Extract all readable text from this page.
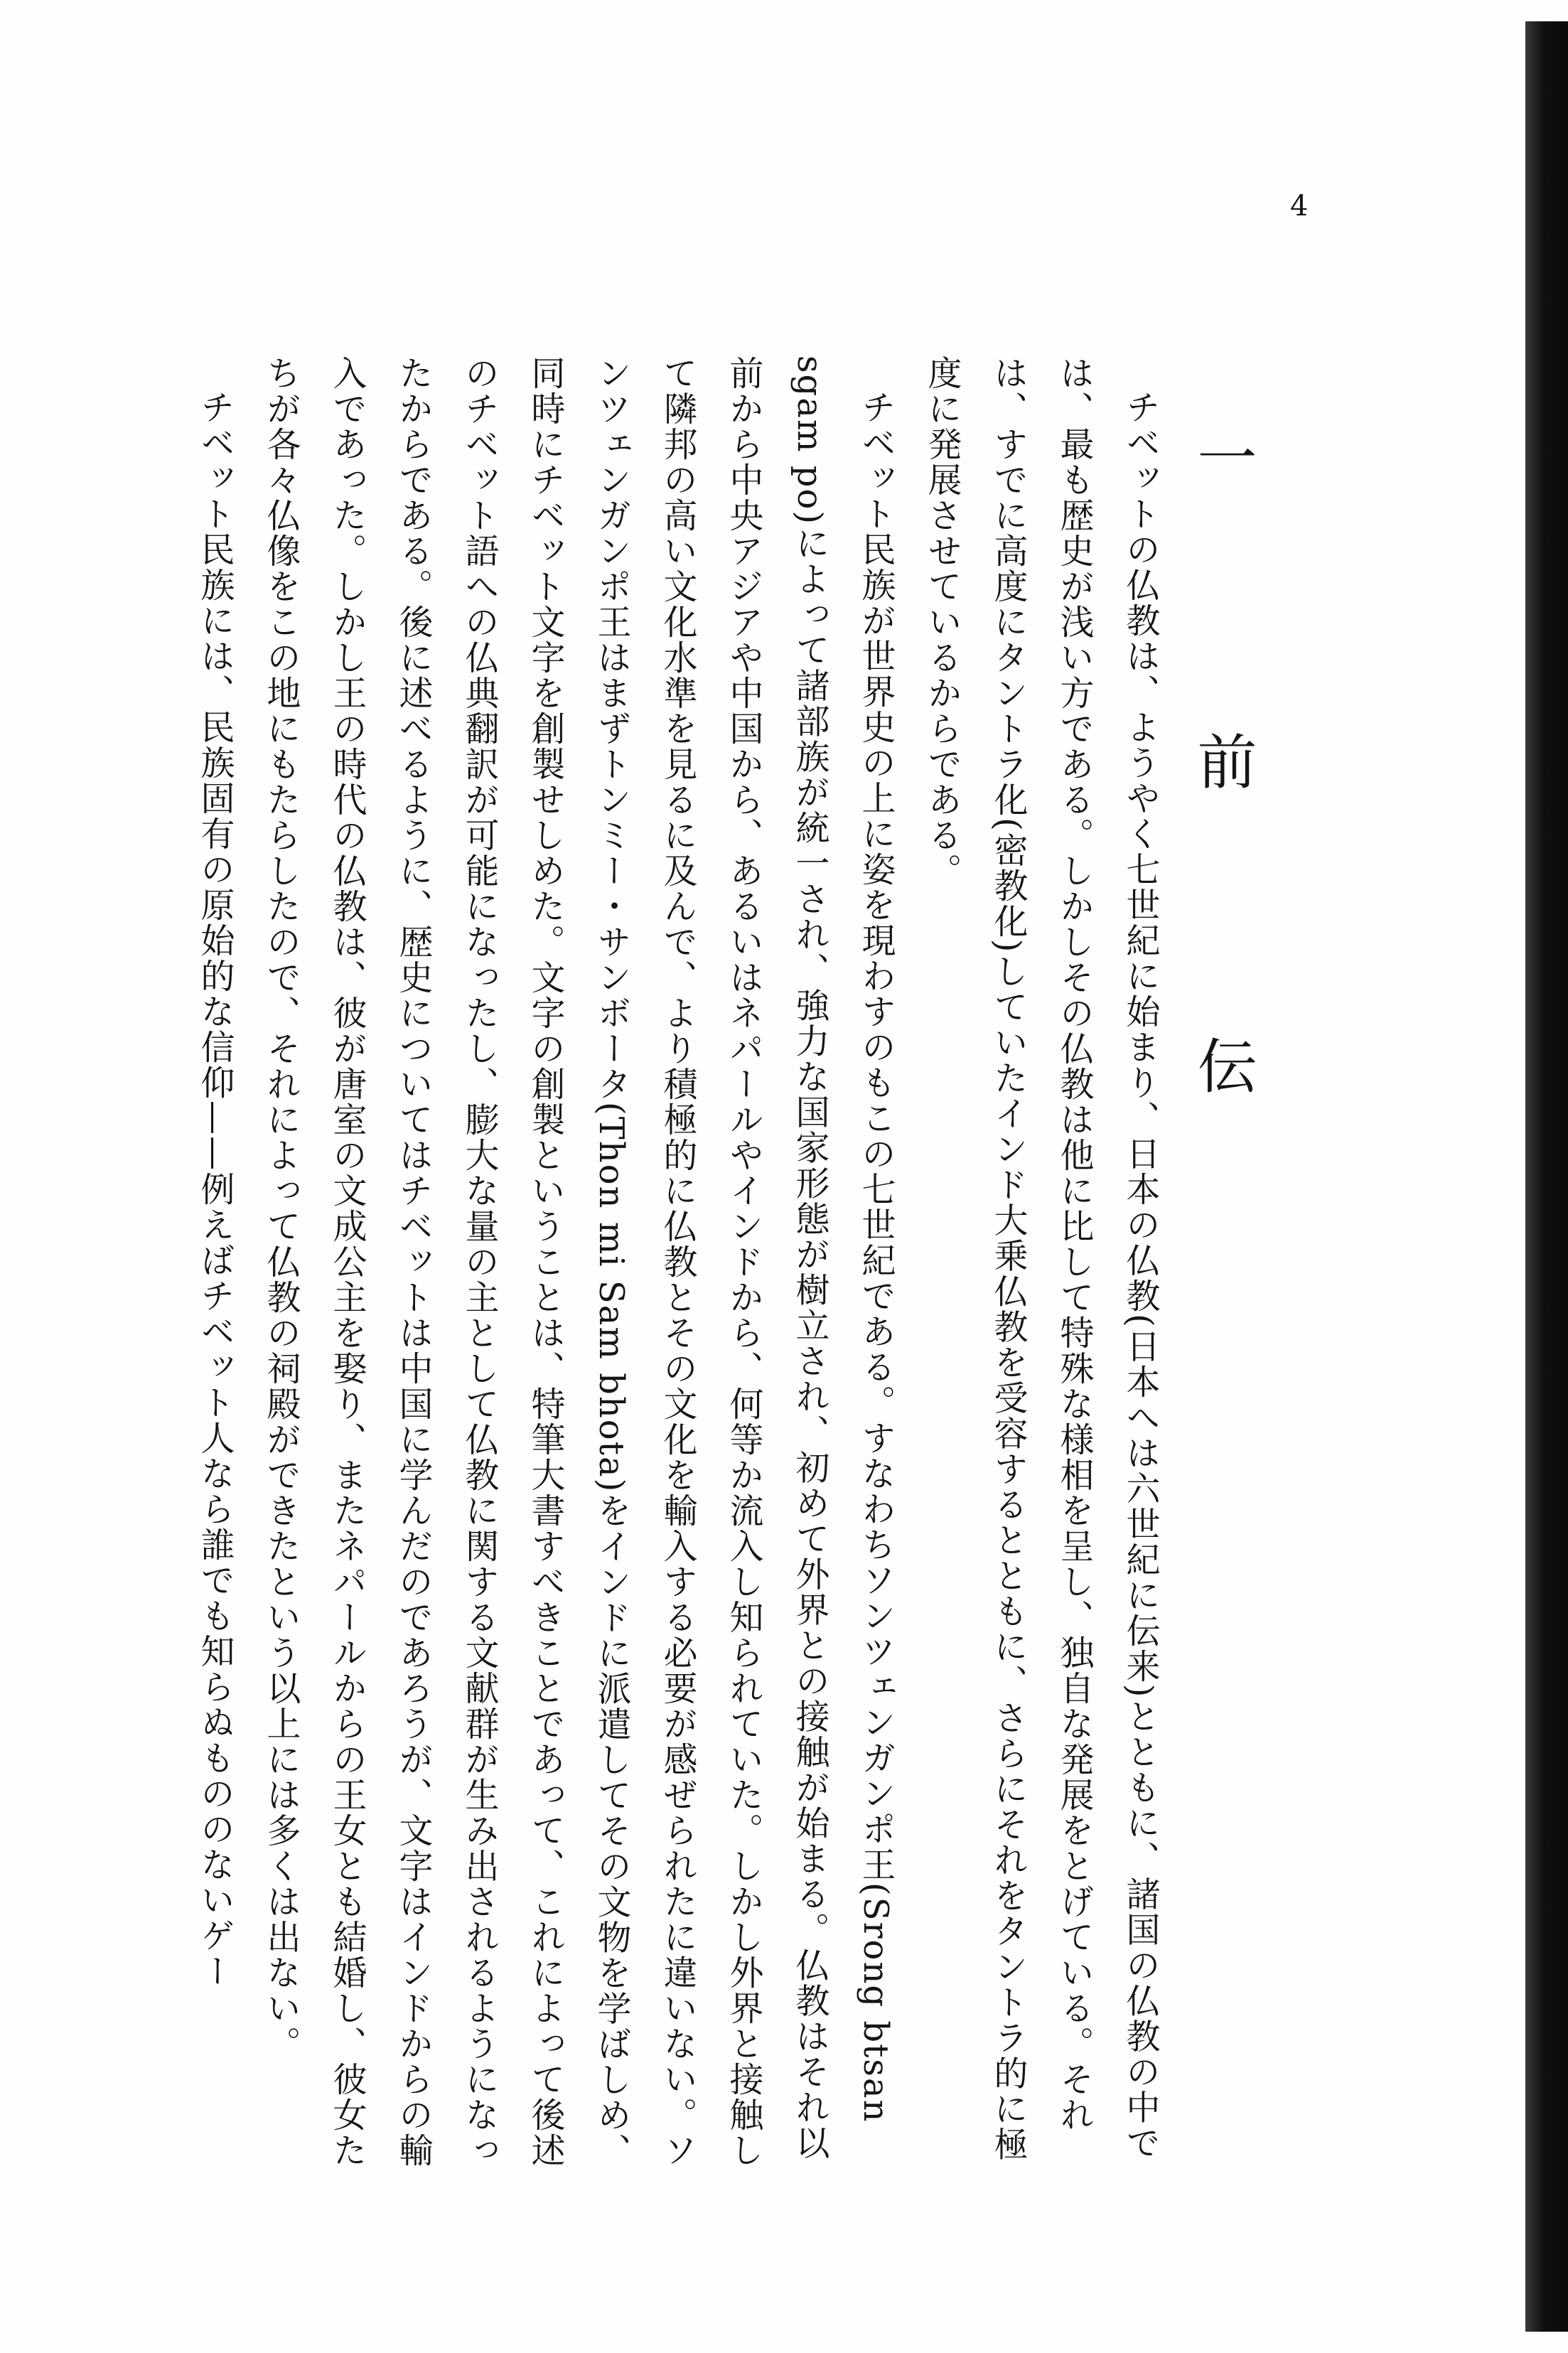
4
一　前　伝

チベットの仏教は、ようやく七世紀に始まり、日本の仏教(日本へは六世紀に伝来)とともに、諸国の仏教の中では、最も歴史が浅い方である。しかしその仏教は他に比して特殊な様相を呈し、独自な発展をとげている。それは、すでに高度にタントラ化(密教化)していたインド大乗仏教を受容するとともに、さらにそれをタントラ的に極度に発展させているからである。

チベット民族が世界史の上に姿を現わすのもこの七世紀である。すなわちソンツェンガンポ王(Srong btsan sgam po)によって諸部族が統一され、強力な国家形態が樹立され、初めて外界との接触が始まる。仏教はそれ以前から中央アジアや中国から、あるいはネパールやインドから、何等か流入し知られていた。しかし外界と接触して隣邦の高い文化水準を見るに及んで、より積極的に仏教とその文化を輸入する必要が感ぜられたに違いない。ソンツェンガンポ王はまずトンミー・サンボータ(Thon mi Sam bhota)をインドに派遣してその文物を学ばしめ、同時にチベット文字を創製せしめた。文字の創製ということは、特筆大書すべきことであって、これによって後述のチベット語への仏典翻訳が可能になったし、膨大な量の主として仏教に関する文献群が生み出されるようになったからである。後に述べるように、歴史についてはチベットは中国に学んだのであろうが、文字はインドからの輸入であった。しかし王の時代の仏教は、彼が唐室の文成公主を娶り、またネパールからの王女とも結婚し、彼女たちが各々仏像をこの地にもたらしたので、それによって仏教の祠殿ができたという以上には多くは出ない。

チベット民族には、民族固有の原始的な信仰——例えばチベット人なら誰でも知らぬもののないゲー
